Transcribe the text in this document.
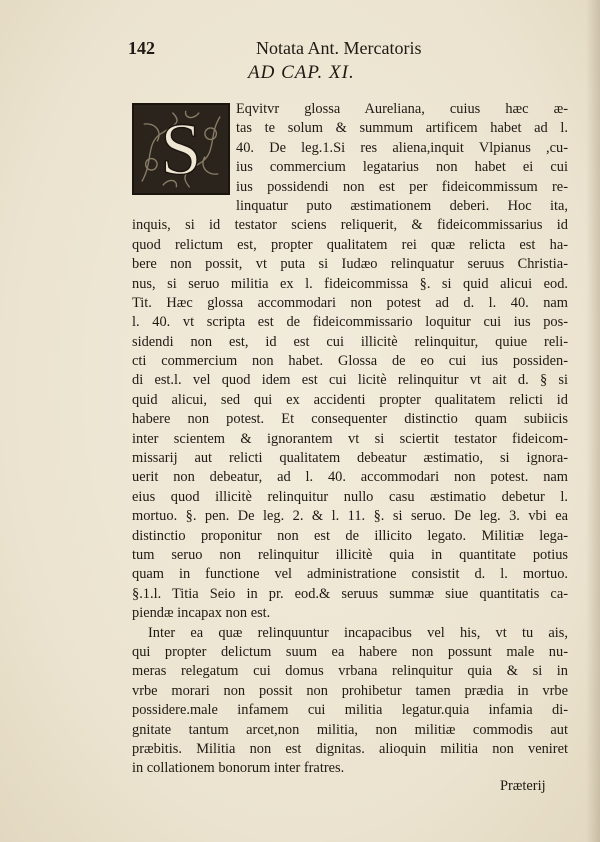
142	Notata Ant. Mercatoris
AD CAP. XI.
S Eqvitvr glossa Aureliana, cuius hæc æ-
tas te solum & summum artificem habet ad l.
40. De leg.1.Si res aliena,inquit Vlpianus ,cu-
ius commercium legatarius non habet ei cui
ius possidendi non est per fideicommissum re-
linquatur puto æstimationem deberi. Hoc ita,
inquis, si id testator sciens reliquerit, & fideicommissarius id
quod relictum est, propter qualitatem rei quæ relicta est ha-
bere non possit, vt puta si Iudæo relinquatur seruus Christia-
nus, si seruo militia ex l. fideicommissa §. si quid alicui eod.
Tit. Hæc glossa accommodari non potest ad d. l. 40. nam
l. 40. vt scripta est de fideicommissario loquitur cui ius pos-
sidendi non est, id est cui illicitè relinquitur, quiue reli-
cti commercium non habet. Glossa de eo cui ius possiden-
di est.l. vel quod idem est cui licitè relinquitur vt ait d. § si
quid alicui, sed qui ex accidenti propter qualitatem relicti id
habere non potest. Et consequenter distinctio quam subiicis
inter scientem & ignorantem vt si sciertit testator fideicom-
missarij aut relicti qualitatem debeatur æstimatio, si ignora-
uerit non debeatur, ad l. 40. accommodari non potest. nam
eius quod illicitè relinquitur nullo casu æstimatio debetur l.
mortuo. §. pen. De leg. 2. & l. 11. §. si seruo. De leg. 3. vbi ea
distinctio proponitur non est de illicito legato. Militiæ lega-
tum seruo non relinquitur illicitè quia in quantitate potius
quam in functione vel administratione consistit d. l. mortuo.
§.1.l. Titia Seio in pr. eod.& seruus summæ siue quantitatis ca-
piendæ incapax non est.
Inter ea quæ relinquuntur incapacibus vel his, vt tu ais,
qui propter delictum suum ea habere non possunt male nu-
meras relegatum cui domus vrbana relinquitur quia & si in
vrbe morari non possit non prohibetur tamen prædia in vrbe
possidere.male infamem cui militia legatur.quia infamia di-
gnitate tantum arcet,non militia, non militiæ commodis aut
præbitis. Militia non est dignitas. alioquin militia non veniret
in collationem bonorum inter fratres.
Præterij
